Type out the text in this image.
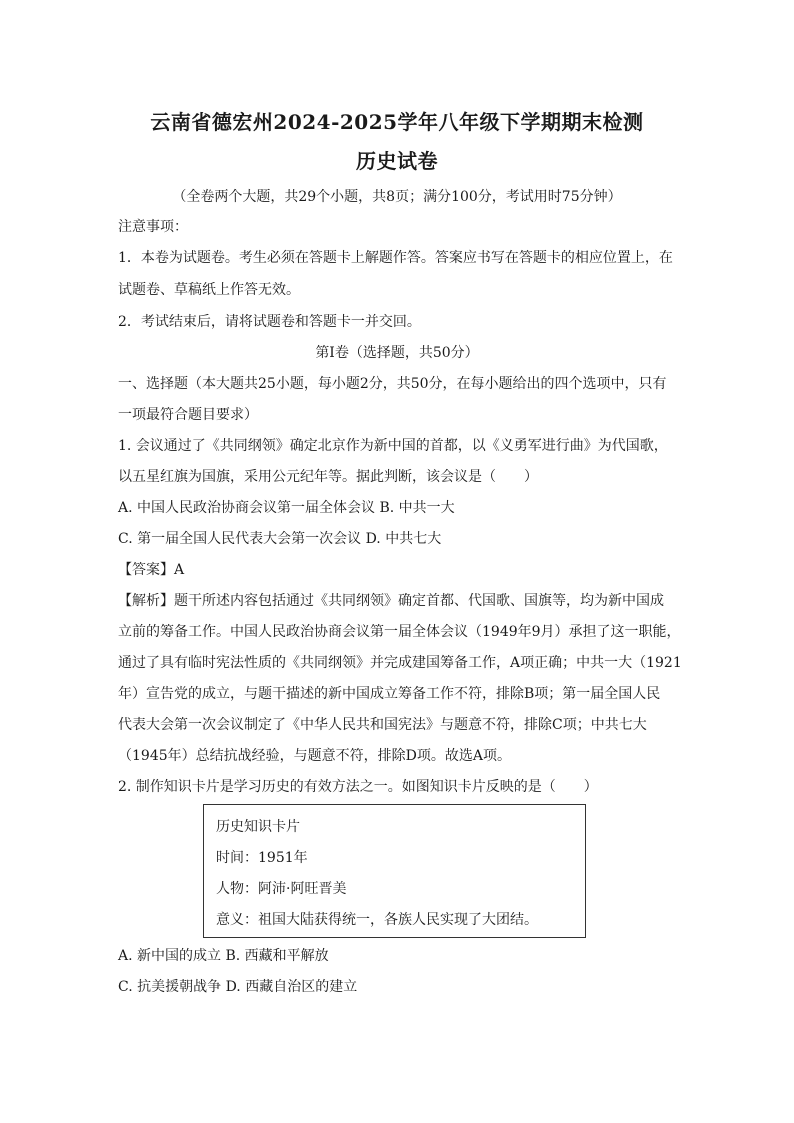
云南省德宏州2024-2025学年八年级下学期期末检测
历史试卷
（全卷两个大题，共29个小题，共8页；满分100分，考试用时75分钟）
注意事项：
1．本卷为试题卷。考生必须在答题卡上解题作答。答案应书写在答题卡的相应位置上，在
试题卷、草稿纸上作答无效。
2．考试结束后，请将试题卷和答题卡一并交回。
第Ⅰ卷（选择题，共50分）
一、选择题（本大题共25小题，每小题2分，共50分，在每小题给出的四个选项中，只有
一项最符合题目要求）
1. 会议通过了《共同纲领》确定北京作为新中国的首都，以《义勇军进行曲》为代国歌，
以五星红旗为国旗，采用公元纪年等。据此判断，该会议是（　　）
A. 中国人民政治协商会议第一届全体会议 B. 中共一大
C. 第一届全国人民代表大会第一次会议 D. 中共七大
【答案】A
【解析】题干所述内容包括通过《共同纲领》确定首都、代国歌、国旗等，均为新中国成
立前的筹备工作。中国人民政治协商会议第一届全体会议（1949年9月）承担了这一职能，
通过了具有临时宪法性质的《共同纲领》并完成建国筹备工作，A项正确；中共一大（1921
年）宣告党的成立，与题干描述的新中国成立筹备工作不符，排除B项；第一届全国人民
代表大会第一次会议制定了《中华人民共和国宪法》与题意不符，排除C项；中共七大
（1945年）总结抗战经验，与题意不符，排除D项。故选A项。
2. 制作知识卡片是学习历史的有效方法之一。如图知识卡片反映的是（　　）
历史知识卡片
时间：1951年
人物：阿沛·阿旺晋美
意义：祖国大陆获得统一，各族人民实现了大团结。
A. 新中国的成立 B. 西藏和平解放
C. 抗美援朝战争 D. 西藏自治区的建立
